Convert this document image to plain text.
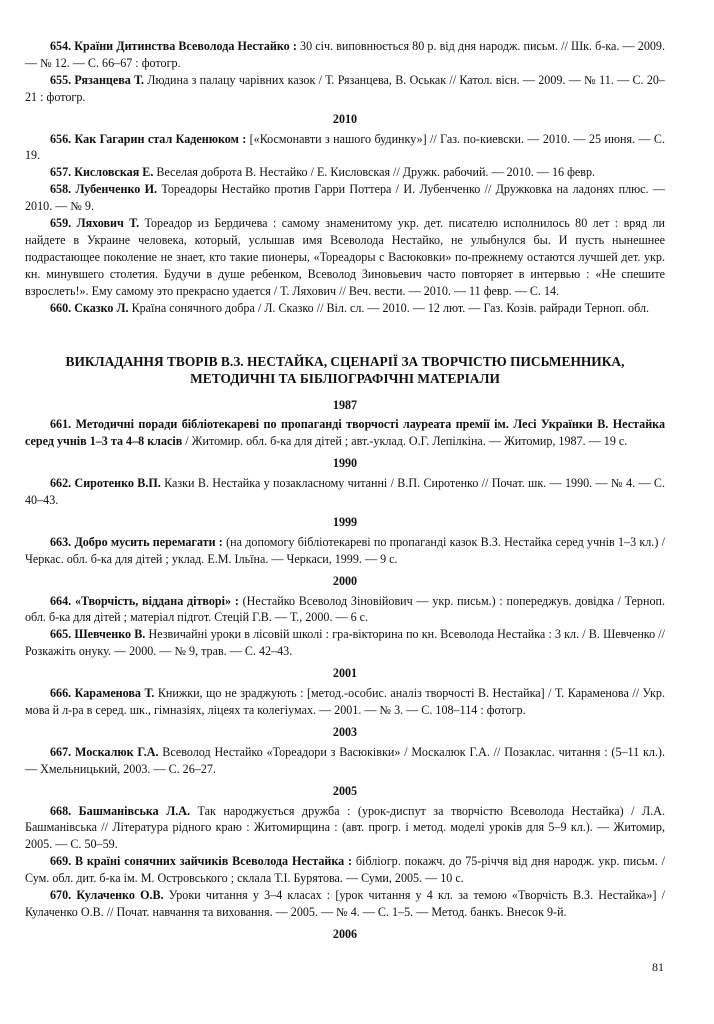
654. Країни Дитинства Всеволода Нестайко : 30 січ. виповнюється 80 р. від дня народж. письм. // Шк. б-ка. — 2009. — № 12. — С. 66–67 : фотогр.

655. Рязанцева Т. Людина з палацу чарівних казок / Т. Рязанцева, В. Оськак // Катол. вісн. — 2009. — № 11. — С. 20–21 : фотогр.

2010

656. Как Гагарин стал Каденюком : [«Космонавти з нашого будинку»] // Газ. по-киевски. — 2010. — 25 июня. — С. 19.

657. Кисловская Е. Веселая доброта В. Нестайко / Е. Кисловская // Дружк. рабочий. — 2010. — 16 февр.

658. Лубенченко И. Тореадоры Нестайко против Гарри Поттера / И. Лубенченко // Дружковка на ладонях плюс. — 2010. — № 9.

659. Ляхович Т. Тореадор из Бердичева : самому знаменитому укр. дет. писателю исполнилось 80 лет : вряд ли найдете в Украине человека, который, услышав имя Всеволода Нестайко, не улыбнулся бы. И пусть нынешнее подрастающее поколение не знает, кто такие пионеры, «Тореадоры с Васюковки» по-прежнему остаются лучшей дет. укр. кн. минувшего столетия. Будучи в душе ребенком, Всеволод Зиновьевич часто повторяет в интервью : «Не спешите взрослеть!». Ему самому это прекрасно удается / Т. Ляхович // Веч. вести. — 2010. — 11 февр. — С. 14.

660. Сказко Л. Країна сонячного добра / Л. Сказко // Віл. сл. — 2010. — 12 лют. — Газ. Козів. райради Терноп. обл.

ВИКЛАДАННЯ ТВОРІВ В.З. НЕСТАЙКА, СЦЕНАРІЇ ЗА ТВОРЧІСТЮ ПИСЬМЕННИКА, МЕТОДИЧНІ ТА БІБЛІОГРАФІЧНІ МАТЕРІАЛИ
1987

661. Методичні поради бібліотекареві по пропаганді творчості лауреата премії ім. Лесі Українки В. Нестайка серед учнів 1–3 та 4–8 класів / Житомир. обл. б-ка для дітей ; авт.-уклад. О.Г. Лепілкіна. — Житомир, 1987. — 19 с.

1990

662. Сиротенко В.П. Казки В. Нестайка у позакласному читанні / В.П. Сиротенко // Почат. шк. — 1990. — № 4. — С. 40–43.

1999

663. Добро мусить перемагати : (на допомогу бібліотекареві по пропаганді казок В.З. Нестайка серед учнів 1–3 кл.) / Черкас. обл. б-ка для дітей ; уклад. Е.М. Ільїна. — Черкаси, 1999. — 9 с.

2000

664. «Творчість, віддана дітворі» : (Нестайко Всеволод Зіновійович — укр. письм.) : попереджув. довідка / Терноп. обл. б-ка для дітей ; матеріал підгот. Стецій Г.В. — Т., 2000. — 6 с.

665. Шевченко В. Незвичайні уроки в лісовій школі : гра-вікторина по кн. Всеволода Нестайка : 3 кл. / В. Шевченко // Розкажіть онуку. — 2000. — № 9, трав. — С. 42–43.

2001

666. Караменова Т. Книжки, що не зраджують : [метод.-особис. аналіз творчості В. Нестайка] / Т. Караменова // Укр. мова й л-ра в серед. шк., гімназіях, ліцеях та колегіумах. — 2001. — № 3. — С. 108–114 : фотогр.

2003

667. Москалюк Г.А. Всеволод Нестайко «Тореадори з Васюківки» / Москалюк Г.А. // Позаклас. читання : (5–11 кл.). — Хмельницький, 2003. — С. 26–27.

2005

668. Башманівська Л.А. Так народжується дружба : (урок-диспут за творчістю Всеволода Нестайка) / Л.А. Башманівська // Література рідного краю : Житомирщина : (авт. прогр. і метод. моделі уроків для 5–9 кл.). — Житомир, 2005. — С. 50–59.

669. В країні сонячних зайчиків Всеволода Нестайка : бібліогр. покажч. до 75-річчя від дня народж. укр. письм. / Сум. обл. дит. б-ка ім. М. Островського ; склала Т.І. Бурятова. — Суми, 2005. — 10 с.

670. Кулаченко О.В. Уроки читання у 3–4 класах : [урок читання у 4 кл. за темою «Творчість В.З. Нестайка»] / Кулаченко О.В. // Почат. навчання та виховання. — 2005. — № 4. — С. 1–5. — Метод. банкъ. Внесок 9-й.

2006
81
